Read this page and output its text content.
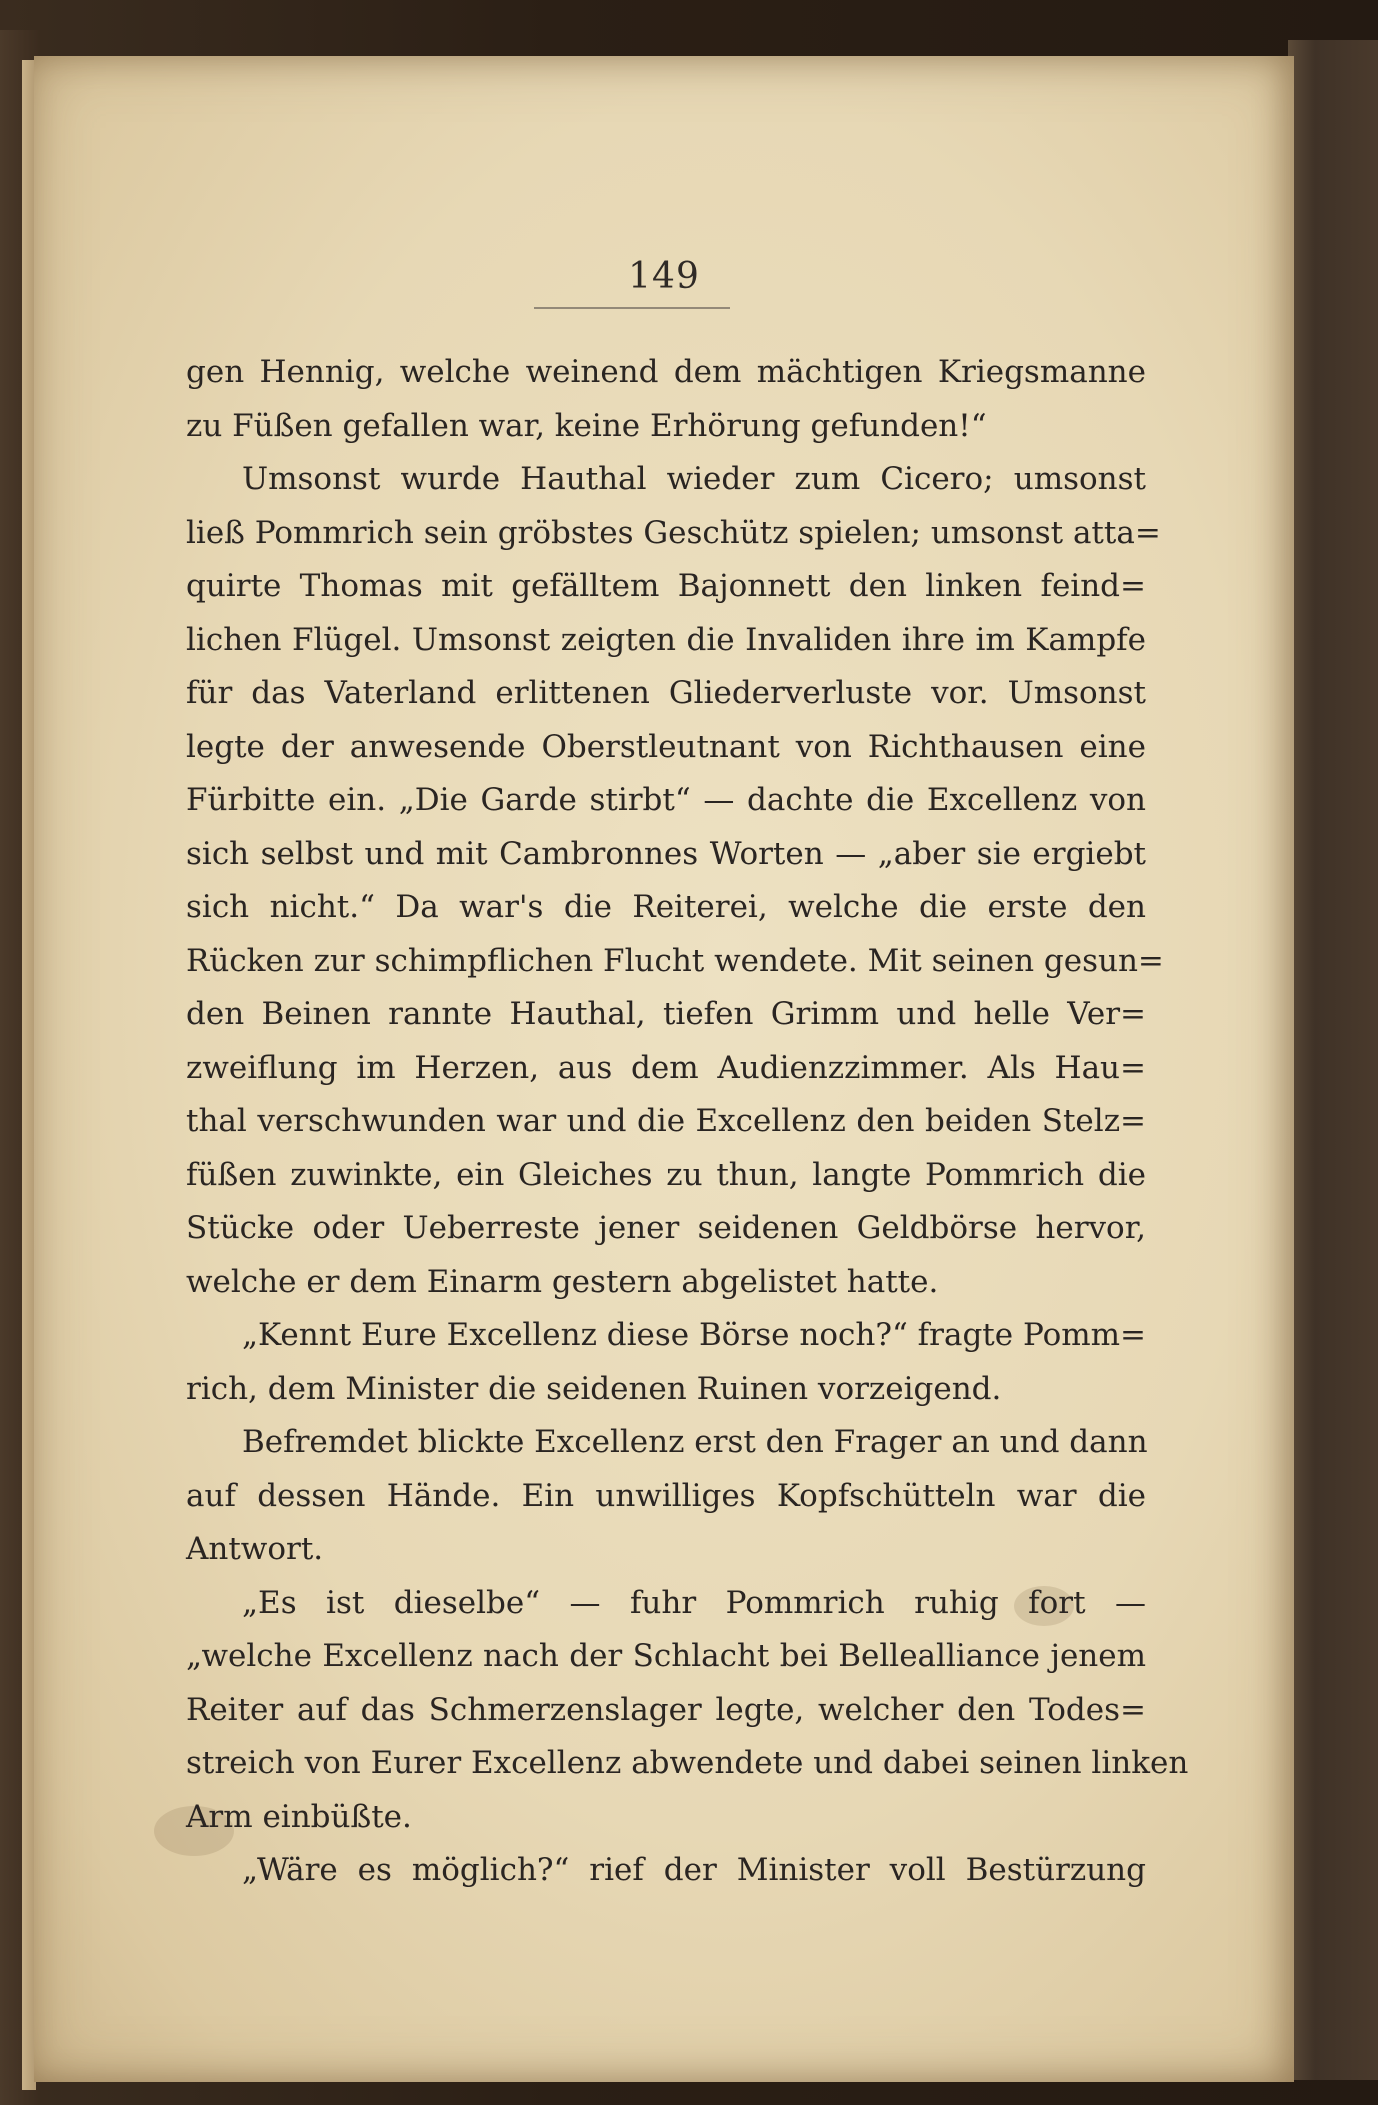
149
gen Hennig, welche weinend dem mächtigen Kriegsmanne
zu Füßen gefallen war, keine Erhörung gefunden!“
Umsonst wurde Hauthal wieder zum Cicero; umsonst
ließ Pommrich sein gröbstes Geschütz spielen; umsonst atta=
quirte Thomas mit gefälltem Bajonnett den linken feind=
lichen Flügel. Umsonst zeigten die Invaliden ihre im Kampfe
für das Vaterland erlittenen Gliederverluste vor. Umsonst
legte der anwesende Oberstleutnant von Richthausen eine
Fürbitte ein. „Die Garde stirbt“ — dachte die Excellenz von
sich selbst und mit Cambronnes Worten — „aber sie ergiebt
sich nicht.“ Da war's die Reiterei, welche die erste den
Rücken zur schimpflichen Flucht wendete. Mit seinen gesun=
den Beinen rannte Hauthal, tiefen Grimm und helle Ver=
zweiflung im Herzen, aus dem Audienzzimmer. Als Hau=
thal verschwunden war und die Excellenz den beiden Stelz=
füßen zuwinkte, ein Gleiches zu thun, langte Pommrich die
Stücke oder Ueberreste jener seidenen Geldbörse hervor,
welche er dem Einarm gestern abgelistet hatte.
„Kennt Eure Excellenz diese Börse noch?“ fragte Pomm=
rich, dem Minister die seidenen Ruinen vorzeigend.
Befremdet blickte Excellenz erst den Frager an und dann
auf dessen Hände. Ein unwilliges Kopfschütteln war die
Antwort.
„Es ist dieselbe“ — fuhr Pommrich ruhig fort —
„welche Excellenz nach der Schlacht bei Bellealliance jenem
Reiter auf das Schmerzenslager legte, welcher den Todes=
streich von Eurer Excellenz abwendete und dabei seinen linken
Arm einbüßte.
„Wäre es möglich?“ rief der Minister voll Bestürzung
